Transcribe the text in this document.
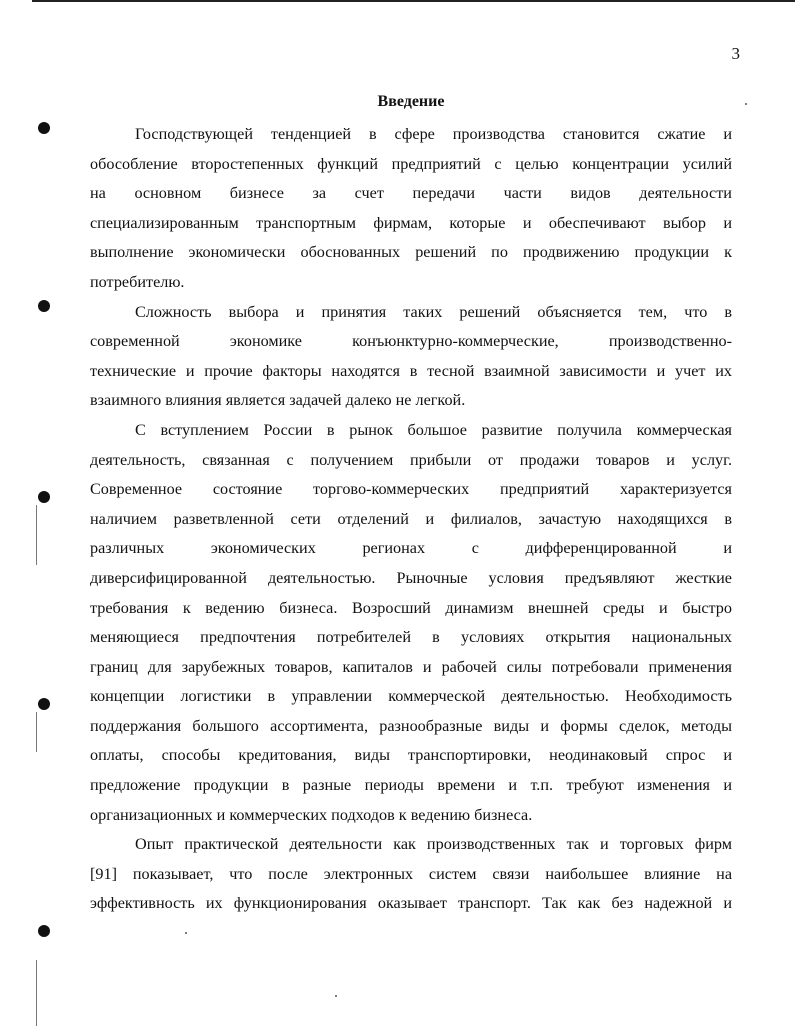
3
Введение
Господствующей тенденцией в сфере производства становится сжатие и
обособление второстепенных функций предприятий с целью концентрации усилий
на основном бизнесе за счет передачи части видов деятельности
специализированным транспортным фирмам, которые и обеспечивают выбор и
выполнение экономически обоснованных решений по продвижению продукции к
потребителю.
Сложность выбора и принятия таких решений объясняется тем, что в
современной	экономике	конъюнктурно-коммерческие,	производственно-
технические и прочие факторы находятся в тесной взаимной зависимости и учет их
взаимного влияния является задачей далеко не легкой.
С вступлением России в рынок большое развитие получила коммерческая
деятельность, связанная с получением прибыли от продажи товаров и услуг.
Современное состояние торгово-коммерческих предприятий характеризуется
наличием разветвленной сети отделений и филиалов, зачастую находящихся в
различных	экономических	регионах	с	дифференцированной	и
диверсифицированной деятельностью. Рыночные условия предъявляют жесткие
требования к ведению бизнеса. Возросший динамизм внешней среды и быстро
меняющиеся предпочтения потребителей в условиях открытия национальных
границ для зарубежных товаров, капиталов и рабочей силы потребовали применения
концепции логистики в управлении коммерческой деятельностью. Необходимость
поддержания большого ассортимента, разнообразные виды и формы сделок, методы
оплаты, способы кредитования, виды транспортировки, неодинаковый спрос и
предложение продукции в разные периоды времени и т.п. требуют изменения и
организационных и коммерческих подходов к ведению бизнеса.
Опыт практической деятельности как производственных так и торговых фирм
[91] показывает, что после электронных систем связи наибольшее влияние на
эффективность их функционирования оказывает транспорт. Так как без надежной и
